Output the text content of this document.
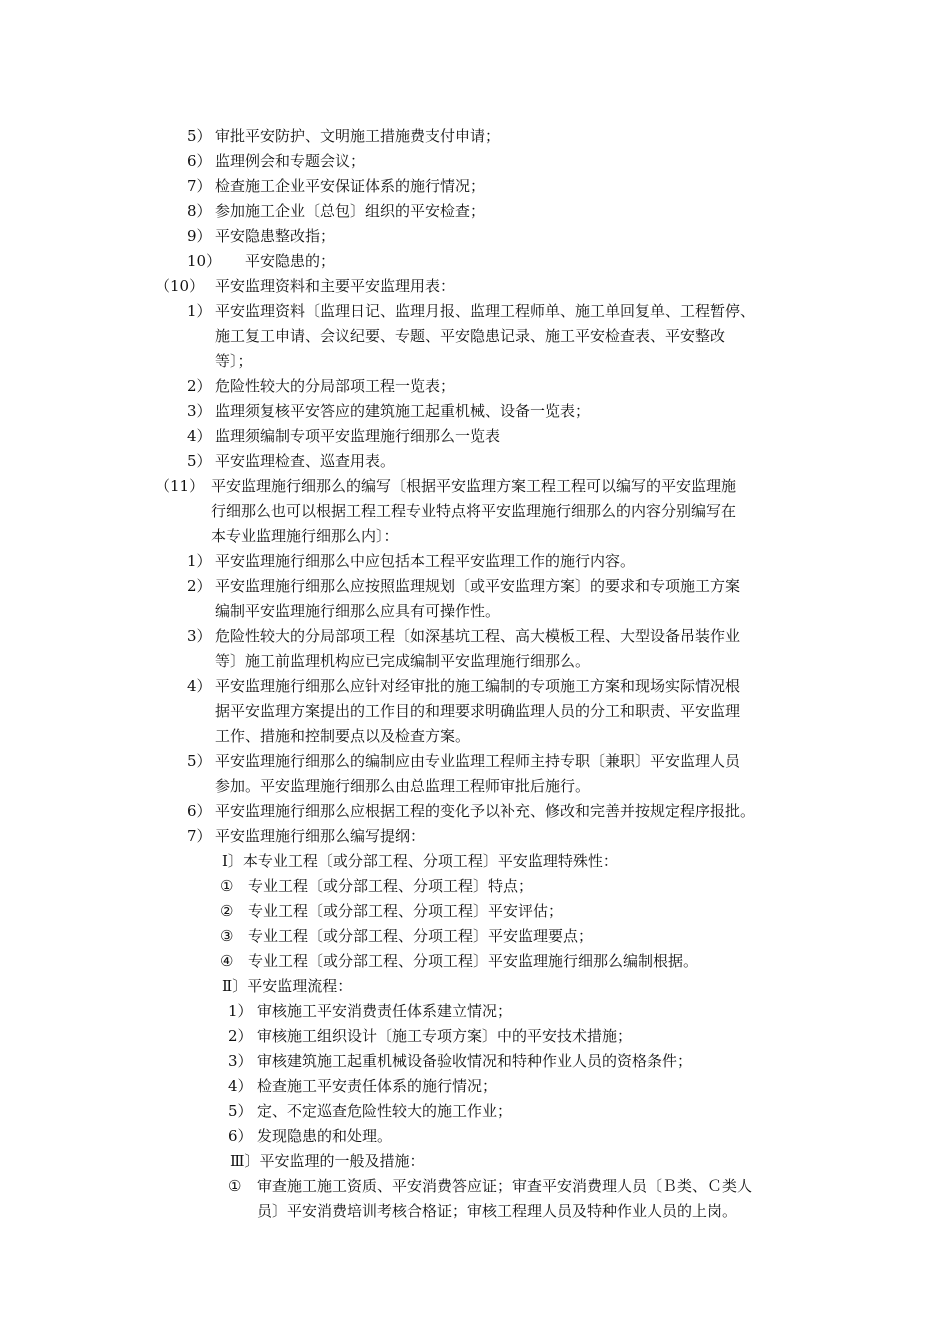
5） 审批平安防护、文明施工措施费支付申请；
6） 监理例会和专题会议；
7） 检查施工企业平安保证体系的施行情况；
8） 参加施工企业〔总包〕组织的平安检查；
9） 平安隐患整改指；
10） 平安隐患的；
（10） 平安监理资料和主要平安监理用表：
1） 平安监理资料〔监理日记、监理月报、监理工程师单、施工单回复单、工程暂停、
施工复工申请、会议纪要、专题、平安隐患记录、施工平安检查表、平安整改
等〕；
2） 危险性较大的分局部项工程一览表；
3） 监理须复核平安答应的建筑施工起重机械、设备一览表；
4） 监理须编制专项平安监理施行细那么一览表
5） 平安监理检查、巡查用表。
（11） 平安监理施行细那么的编写〔根据平安监理方案工程工程可以编写的平安监理施
行细那么也可以根据工程工程专业特点将平安监理施行细那么的内容分别编写在
本专业监理施行细那么内〕：
1） 平安监理施行细那么中应包括本工程平安监理工作的施行内容。
2） 平安监理施行细那么应按照监理规划〔或平安监理方案〕的要求和专项施工方案
编制平安监理施行细那么应具有可操作性。
3） 危险性较大的分局部项工程〔如深基坑工程、高大模板工程、大型设备吊装作业
等〕施工前监理机构应已完成编制平安监理施行细那么。
4） 平安监理施行细那么应针对经审批的施工编制的专项施工方案和现场实际情况根
据平安监理方案提出的工作目的和理要求明确监理人员的分工和职责、平安监理
工作、措施和控制要点以及检查方案。
5） 平安监理施行细那么的编制应由专业监理工程师主持专职〔兼职〕平安监理人员
参加。平安监理施行细那么由总监理工程师审批后施行。
6） 平安监理施行细那么应根据工程的变化予以补充、修改和完善并按规定程序报批。
7） 平安监理施行细那么编写提纲：
Ⅰ〕本专业工程〔或分部工程、分项工程〕平安监理特殊性：
① 专业工程〔或分部工程、分项工程〕特点；
② 专业工程〔或分部工程、分项工程〕平安评估；
③ 专业工程〔或分部工程、分项工程〕平安监理要点；
④ 专业工程〔或分部工程、分项工程〕平安监理施行细那么编制根据。
Ⅱ〕平安监理流程：
1） 审核施工平安消费责任体系建立情况；
2） 审核施工组织设计〔施工专项方案〕中的平安技术措施；
3） 审核建筑施工起重机械设备验收情况和特种作业人员的资格条件；
4） 检查施工平安责任体系的施行情况；
5） 定、不定巡查危险性较大的施工作业；
6） 发现隐患的和处理。
Ⅲ〕平安监理的一般及措施：
① 审查施工施工资质、平安消费答应证；审查平安消费理人员〔Ｂ类、Ｃ类人
员〕平安消费培训考核合格证；审核工程理人员及特种作业人员的上岗。
